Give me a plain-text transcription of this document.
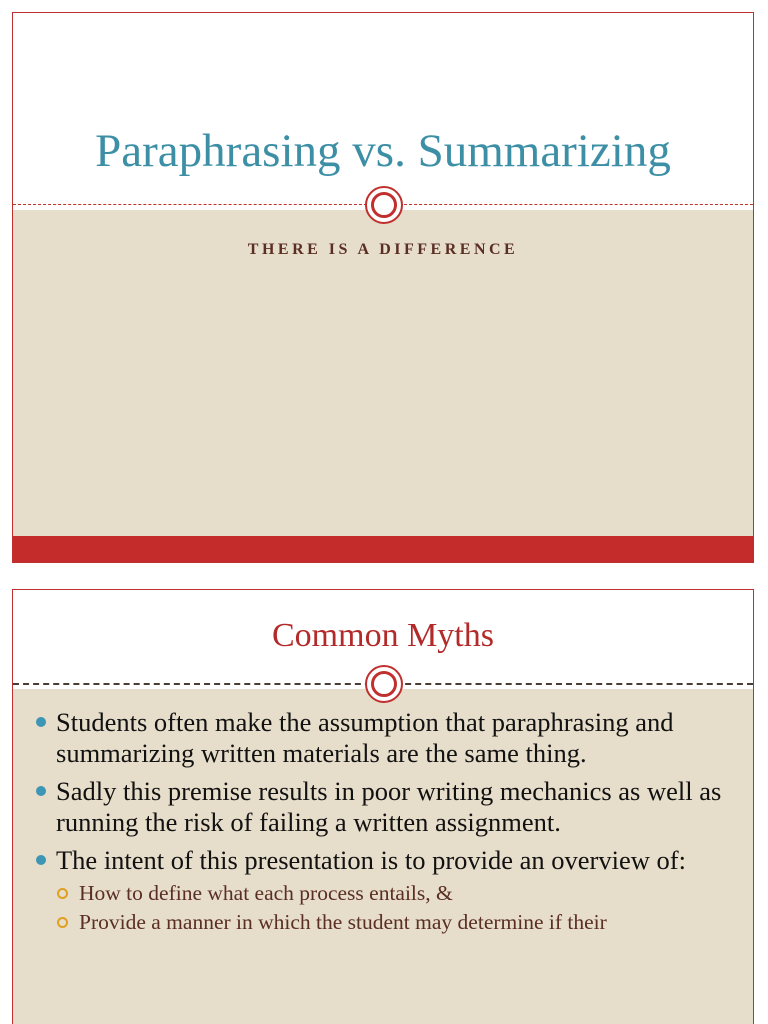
Paraphrasing vs. Summarizing
THERE IS A DIFFERENCE
Common Myths
Students often make the assumption that paraphrasing and summarizing written materials are the same thing.
Sadly this premise results in poor writing mechanics as well as running the risk of failing a written assignment.
The intent of this presentation is to provide an overview of:
How to define what each process entails, &
Provide a manner in which the student may determine if their
